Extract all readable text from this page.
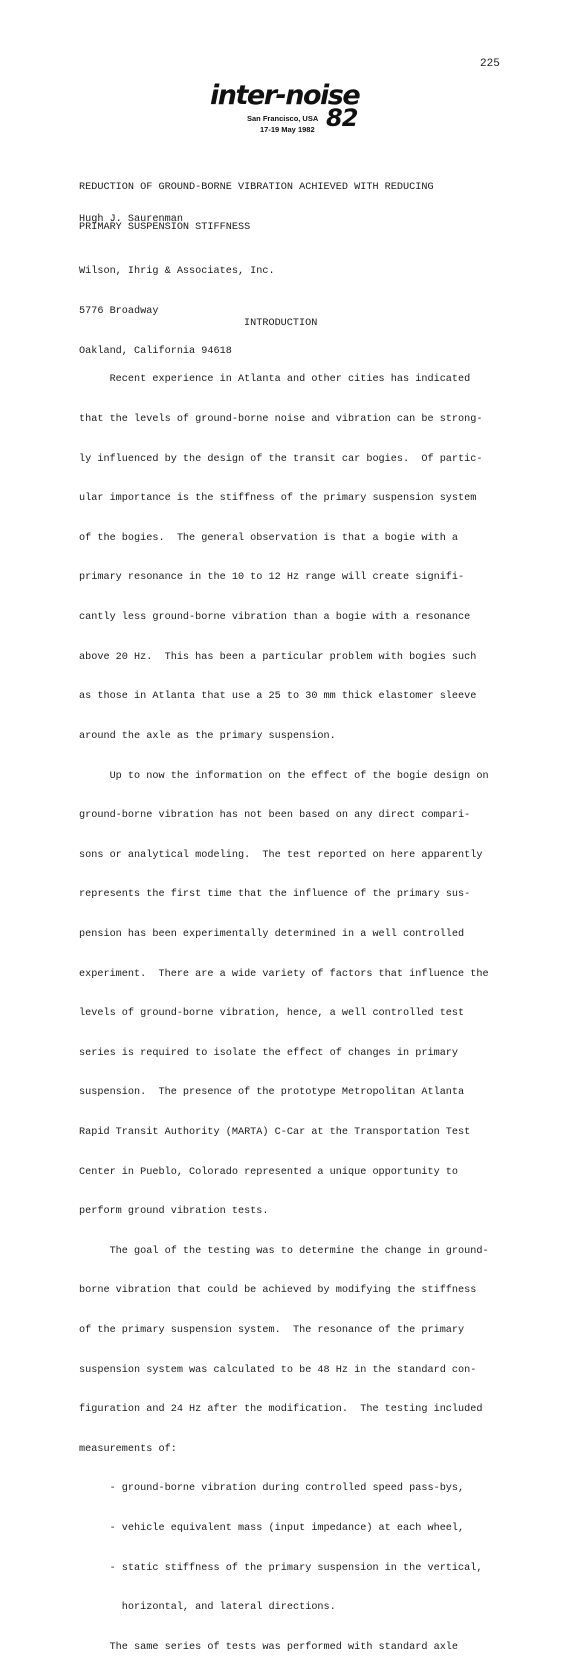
225
inter-noise
San Francisco, USA
17-19 May 1982 82

REDUCTION OF GROUND-BORNE VIBRATION ACHIEVED WITH REDUCING

PRIMARY SUSPENSION STIFFNESS

Hugh J. Saurenman

Wilson, Ihrig & Associates, Inc.

5776 Broadway

Oakland, California 94618

INTRODUCTION

Recent experience in Atlanta and other cities has indicated

that the levels of ground-borne noise and vibration can be strong-

ly influenced by the design of the transit car bogies.  Of partic-

ular importance is the stiffness of the primary suspension system

of the bogies.  The general observation is that a bogie with a

primary resonance in the 10 to 12 Hz range will create signifi-

cantly less ground-borne vibration than a bogie with a resonance

above 20 Hz.  This has been a particular problem with bogies such

as those in Atlanta that use a 25 to 30 mm thick elastomer sleeve

around the axle as the primary suspension.

Up to now the information on the effect of the bogie design on

ground-borne vibration has not been based on any direct compari-

sons or analytical modeling.  The test reported on here apparently

represents the first time that the influence of the primary sus-

pension has been experimentally determined in a well controlled

experiment.  There are a wide variety of factors that influence the

levels of ground-borne vibration, hence, a well controlled test

series is required to isolate the effect of changes in primary

suspension.  The presence of the prototype Metropolitan Atlanta

Rapid Transit Authority (MARTA) C-Car at the Transportation Test

Center in Pueblo, Colorado represented a unique opportunity to

perform ground vibration tests.

The goal of the testing was to determine the change in ground-

borne vibration that could be achieved by modifying the stiffness

of the primary suspension system.  The resonance of the primary

suspension system was calculated to be 48 Hz in the standard con-

figuration and 24 Hz after the modification.  The testing included

measurements of:

- ground-borne vibration during controlled speed pass-bys,

- vehicle equivalent mass (input impedance) at each wheel,

- static stiffness of the primary suspension in the vertical,

horizontal, and lateral directions.

The same series of tests was performed with standard axle
